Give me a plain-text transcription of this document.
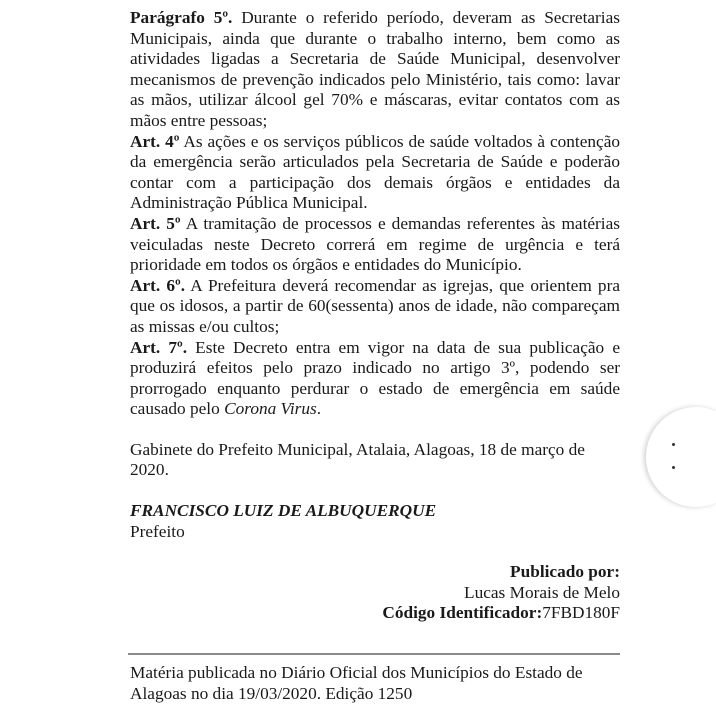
Parágrafo 5º. Durante o referido período, deveram as Secretarias Municipais, ainda que durante o trabalho interno, bem como as atividades ligadas a Secretaria de Saúde Municipal, desenvolver mecanismos de prevenção indicados pelo Ministério, tais como: lavar as mãos, utilizar álcool gel 70% e máscaras, evitar contatos com as mãos entre pessoas;

Art. 4º As ações e os serviços públicos de saúde voltados à contenção da emergência serão articulados pela Secretaria de Saúde e poderão contar com a participação dos demais órgãos e entidades da Administração Pública Municipal.

Art. 5º A tramitação de processos e demandas referentes às matérias veiculadas neste Decreto correrá em regime de urgência e terá prioridade em todos os órgãos e entidades do Município.

Art. 6º. A Prefeitura deverá recomendar as igrejas, que orientem pra que os idosos, a partir de 60(sessenta) anos de idade, não compareçam as missas e/ou cultos;

Art. 7º. Este Decreto entra em vigor na data de sua publicação e produzirá efeitos pelo prazo indicado no artigo 3º, podendo ser prorrogado enquanto perdurar o estado de emergência em saúde causado pelo Corona Virus.

Gabinete do Prefeito Municipal, Atalaia, Alagoas, 18 de março de 2020.

FRANCISCO LUIZ DE ALBUQUERQUE

Prefeito

Publicado por:

Lucas Morais de Melo

Código Identificador:7FBD180F

Matéria publicada no Diário Oficial dos Municípios do Estado de Alagoas no dia 19/03/2020. Edição 1250
